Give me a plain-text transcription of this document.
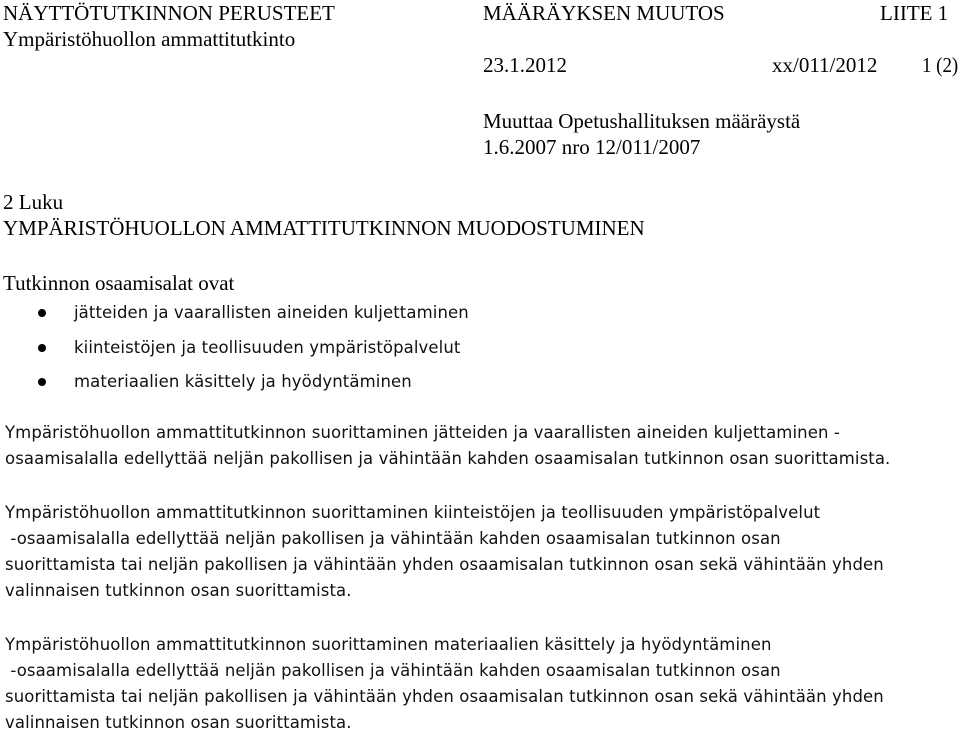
NÄYTTÖTUTKINNON PERUSTEET
Ympäristöhuollon ammattitutkinto
MÄÄRÄYKSEN MUUTOS	LIITE 1
23.1.2012	xx/011/2012 1 (2)
Muuttaa Opetushallituksen määräystä
1.6.2007 nro 12/011/2007
2 Luku
YMPÄRISTÖHUOLLON AMMATTITUTKINNON MUODOSTUMINEN
Tutkinnon osaamisalat ovat
jätteiden ja vaarallisten aineiden kuljettaminen
kiinteistöjen ja teollisuuden ympäristöpalvelut
materiaalien käsittely ja hyödyntäminen
Ympäristöhuollon ammattitutkinnon suorittaminen jätteiden ja vaarallisten aineiden kuljettaminen -
osaamisalalla edellyttää neljän pakollisen ja vähintään kahden osaamisalan tutkinnon osan suorittamista.
Ympäristöhuollon ammattitutkinnon suorittaminen kiinteistöjen ja teollisuuden ympäristöpalvelut
-osaamisalalla edellyttää neljän pakollisen ja vähintään kahden osaamisalan tutkinnon osan
suorittamista tai neljän pakollisen ja vähintään yhden osaamisalan tutkinnon osan sekä vähintään yhden
valinnaisen tutkinnon osan suorittamista.
Ympäristöhuollon ammattitutkinnon suorittaminen materiaalien käsittely ja hyödyntäminen
-osaamisalalla edellyttää neljän pakollisen ja vähintään kahden osaamisalan tutkinnon osan
suorittamista tai neljän pakollisen ja vähintään yhden osaamisalan tutkinnon osan sekä vähintään yhden
valinnaisen tutkinnon osan suorittamista.
